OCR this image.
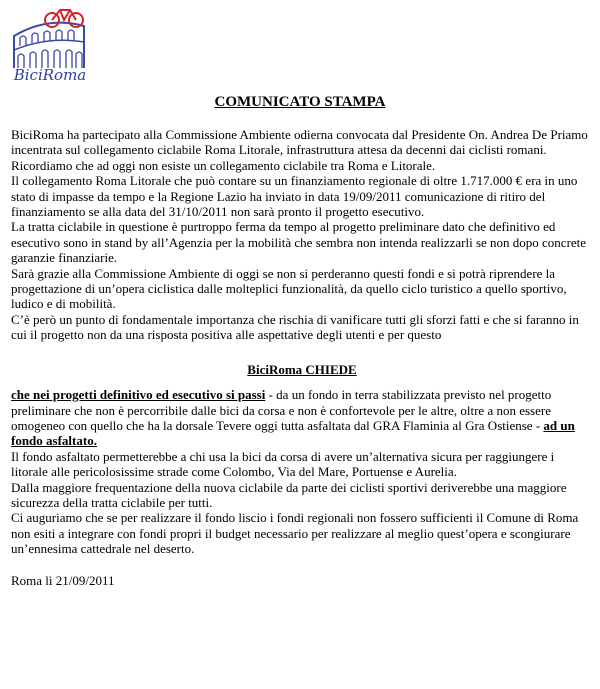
BiciRoma
COMUNICATO STAMPA

BiciRoma ha partecipato alla Commissione Ambiente odierna convocata dal Presidente On. Andrea De Priamo incentrata sul collegamento ciclabile Roma Litorale, infrastruttura attesa da decenni dai ciclisti romani.

Ricordiamo che ad oggi non esiste un collegamento ciclabile tra Roma e Litorale.

Il collegamento Roma Litorale che può contare su un finanziamento regionale di oltre 1.717.000 € era in uno stato di impasse da tempo e la Regione Lazio ha inviato in data 19/09/2011 comunicazione di ritiro del finanziamento se alla data del 31/10/2011 non sarà pronto il progetto esecutivo.

La tratta ciclabile in questione è purtroppo ferma da tempo al progetto preliminare dato che definitivo ed esecutivo sono in stand by all’Agenzia per la mobilità che sembra non intenda realizzarli se non dopo concrete garanzie finanziarie.

Sarà grazie alla Commissione Ambiente di oggi se non si perderanno questi fondi e si potrà riprendere la progettazione di un’opera ciclistica dalle molteplici funzionalità, da quello ciclo turistico a quello sportivo, ludico e di mobilità.

C’è però un punto di fondamentale importanza che rischia di vanificare tutti gli sforzi fatti e che si faranno in cui il progetto non da una risposta positiva alle aspettative degli utenti e per questo

BiciRoma CHIEDE

che nei progetti definitivo ed esecutivo si passi - da un fondo in terra stabilizzata previsto nel progetto preliminare che non è percorribile dalle bici da corsa e non è confortevole per le altre, oltre a non essere omogeneo con quello che ha la dorsale Tevere oggi tutta asfaltata dal GRA Flaminia al Gra Ostiense - ad un fondo asfaltato.

Il fondo asfaltato permetterebbe a chi usa la bici da corsa di avere un’alternativa sicura per raggiungere i litorale alle pericolosissime strade come Colombo, Via del Mare, Portuense e Aurelia.

Dalla maggiore frequentazione della nuova ciclabile da parte dei ciclisti sportivi deriverebbe una maggiore sicurezza della tratta ciclabile per tutti.

Ci auguriamo che se per realizzare il fondo liscio i fondi regionali non fossero sufficienti il Comune di Roma non esiti a integrare con fondi propri il budget necessario per realizzare al meglio quest’opera e scongiurare un’ennesima cattedrale nel deserto.

Roma lì 21/09/2011
